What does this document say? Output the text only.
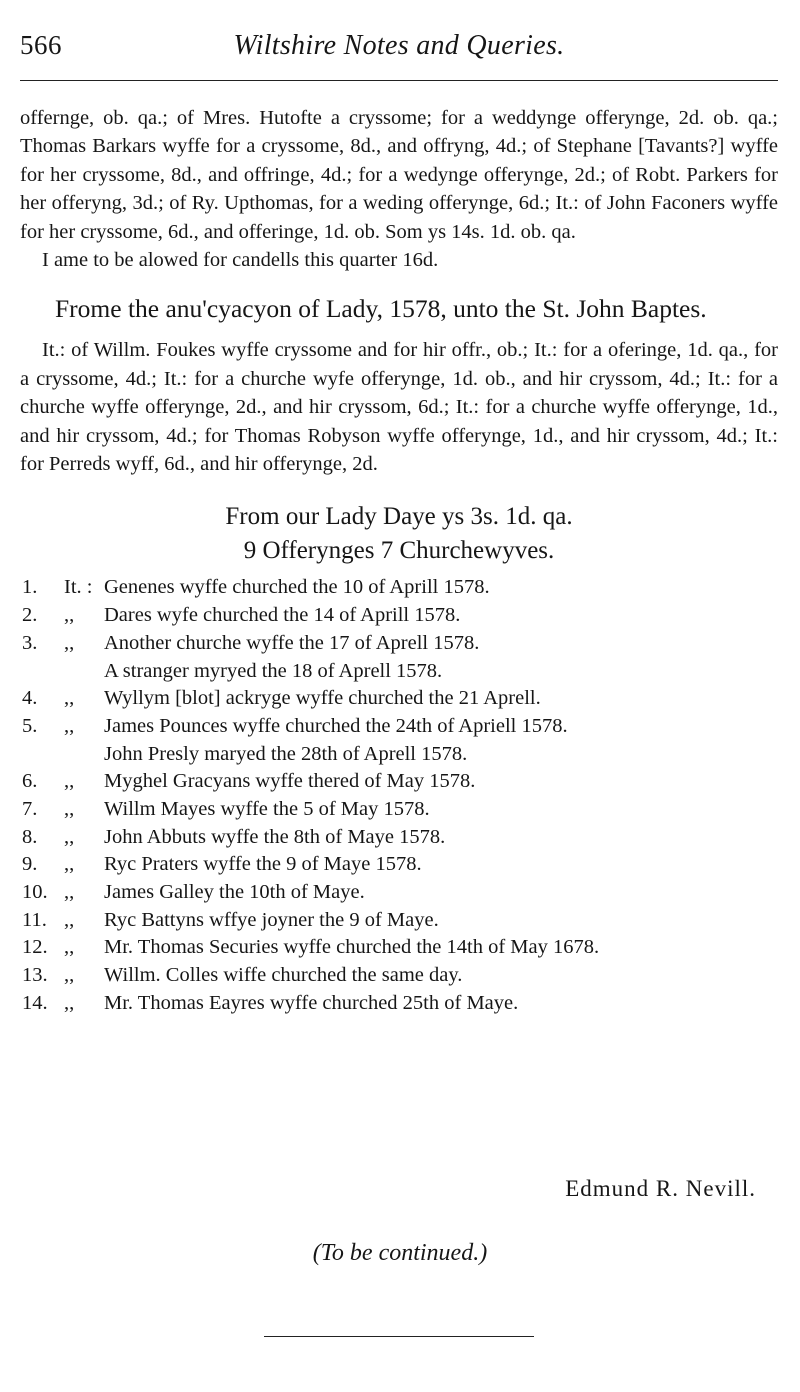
566	Wiltshire Notes and Queries.

offernge, ob. qa.; of Mres. Hutofte a cryssome; for a weddynge offerynge, 2d. ob. qa.; Thomas Barkars wyffe for a cryssome, 8d., and offryng, 4d.; of Stephane [Tavants?] wyffe for her cryssome, 8d., and offringe, 4d.; for a wedynge offerynge, 2d.; of Robt. Parkers for her offeryng, 3d.; of Ry. Upthomas, for a weding offerynge, 6d.; It.: of John Faconers wyffe for her cryssome, 6d., and offeringe, 1d. ob. Som ys 14s. 1d. ob. qa.

I ame to be alowed for candells this quarter 16d.

Frome the anu'cyacyon of Lady, 1578, unto the St. John Baptes.

It.: of Willm. Foukes wyffe cryssome and for hir offr., ob.; It.: for a oferinge, 1d. qa., for a cryssome, 4d.; It.: for a churche wyfe offerynge, 1d. ob., and hir cryssom, 4d.; It.: for a churche wyffe offerynge, 2d., and hir cryssom, 6d.; It.: for a churche wyffe offerynge, 1d., and hir cryssom, 4d.; for Thomas Robyson wyffe offerynge, 1d., and hir cryssom, 4d.; It.: for Perreds wyff, 6d., and hir offerynge, 2d.

From our Lady Daye ys 3s. 1d. qa.

9 Offerynges 7 Churchewyves.

1.	It. : Genenes wyffe churched the 10 of Aprill 1578.
2.	,,	Dares wyfe churched the 14 of Aprill 1578.
3.	,,	Another churche wyffe the 17 of Aprell 1578.
A stranger myryed the 18 of Aprell 1578.
4.	,,	Wyllym [blot] ackryge wyffe churched the 21 Aprell.
5.	,,	James Pounces wyffe churched the 24th of Apriell 1578.
John Presly maryed the 28th of Aprell 1578.
6.	,,	Myghel Gracyans wyffe thered of May 1578.
7.	,,	Willm Mayes wyffe the 5 of May 1578.
8.	,,	John Abbuts wyffe the 8th of Maye 1578.
9.	,,	Ryc Praters wyffe the 9 of Maye 1578.
10. ,,	James Galley the 10th of Maye.
11. ,,	Ryc Battyns wffye joyner the 9 of Maye.
12. ,,	Mr. Thomas Securies wyffe churched the 14th of May 1678.
13. ,,	Willm. Colles wiffe churched the same day.
14. ,,	Mr. Thomas Eayres wyffe churched 25th of Maye.
Edmund R. Nevill.
(To be continued.)
